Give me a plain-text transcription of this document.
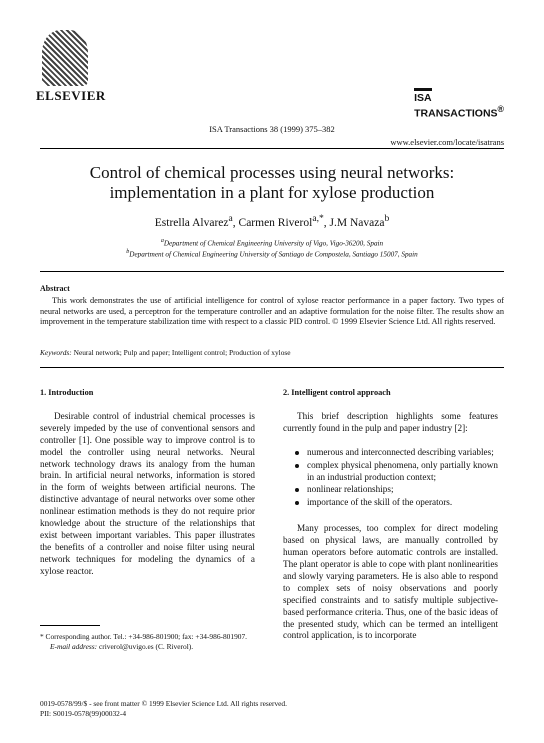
ELSEVIER
ISA Transactions 38 (1999) 375–382
ISA
TRANSACTIONS®
www.elsevier.com/locate/isatrans
Control of chemical processes using neural networks:
implementation in a plant for xylose production
Estrella Alvarez$^a$, Carmen Riverol$^{a,*}$, J.M Navaza$^b$
$^a$Department of Chemical Engineering University of Vigo, Vigo-36200, Spain
$^b$Department of Chemical Engineering University of Santiago de Compostela, Santiago 15007, Spain
Abstract
This work demonstrates the use of artificial intelligence for control of xylose reactor performance in a paper factory. Two types of neural networks are used, a perceptron for the temperature controller and an adaptive formulation for the noise filter. The results show an improvement in the temperature stabilization time with respect to a classic PID control. © 1999 Elsevier Science Ltd. All rights reserved.
Keywords: Neural network; Pulp and paper; Intelligent control; Production of xylose
1. Introduction

Desirable control of industrial chemical processes is severely impeded by the use of conventional sensors and controller [1]. One possible way to improve control is to model the controller using neural networks. Neural network technology draws its analogy from the human brain. In artificial neural networks, information is stored in the form of weights between artificial neurons. The distinctive advantage of neural networks over some other nonlinear estimation methods is they do not require prior knowledge about the structure of the relationships that exist between important variables. This paper illustrates the benefits of a controller and noise filter using neural network techniques for modeling the dynamics of a xylose reactor.

2. Intelligent control approach

This brief description highlights some features currently found in the pulp and paper industry [2]:

numerous and interconnected describing variables;
complex physical phenomena, only partially known in an industrial production context;
nonlinear relationships;
importance of the skill of the operators.

Many processes, too complex for direct modeling based on physical laws, are manually controlled by human operators before automatic controls are installed. The plant operator is able to cope with plant nonlinearities and slowly varying parameters. He is also able to respond to complex sets of noisy observations and poorly specified constraints and to satisfy multiple subjective-based performance criteria. Thus, one of the basic ideas of the presented study, which can be termed an intelligent control application, is to incorporate

* Corresponding author. Tel.: +34-986-801900; fax: +34-986-801907.
E-mail address: criverol@uvigo.es (C. Riverol).
0019-0578/99/$ - see front matter © 1999 Elsevier Science Ltd. All rights reserved.
PII: S0019-0578(99)00032-4
